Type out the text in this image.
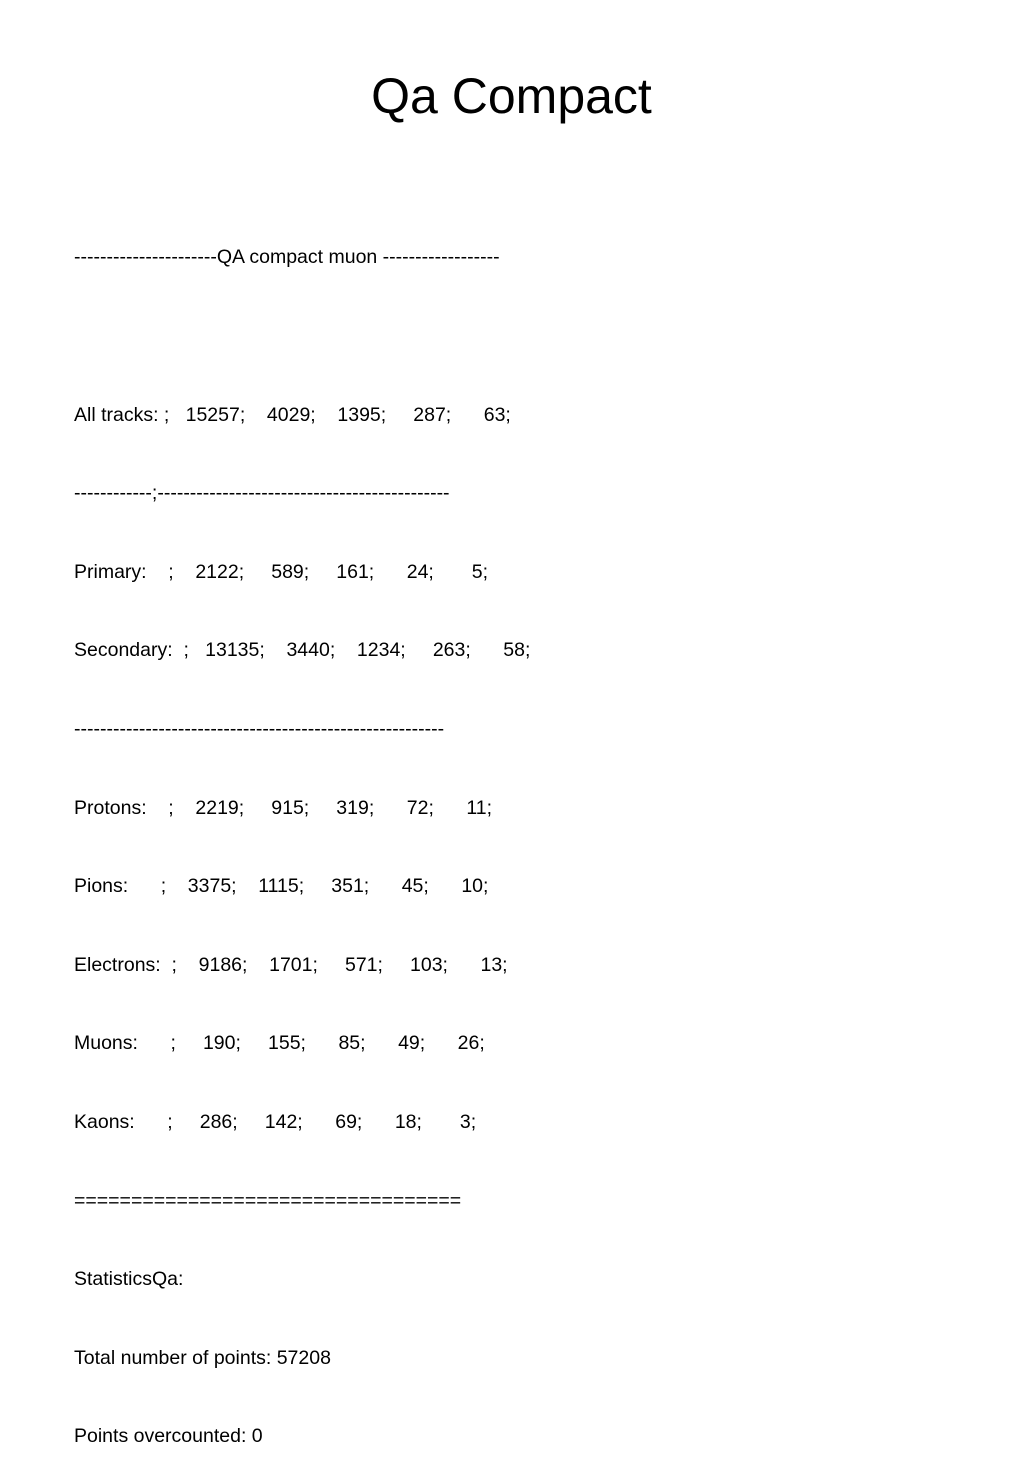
Qa Compact

----------------------QA compact muon ------------------

All tracks: ;   15257;    4029;    1395;     287;      63;

------------;---------------------------------------------

Primary:    ;    2122;     589;     161;      24;       5;

Secondary:  ;   13135;    3440;    1234;     263;      58;

---------------------------------------------------------

Protons:    ;    2219;     915;     319;      72;      11;

Pions:      ;    3375;    1115;     351;      45;      10;

Electrons:  ;    9186;    1701;     571;     103;      13;

Muons:      ;     190;     155;      85;      49;      26;

Kaons:      ;     286;     142;      69;      18;       3;

==================================

StatisticsQa:

Total number of points: 57208

Points overcounted: 0
